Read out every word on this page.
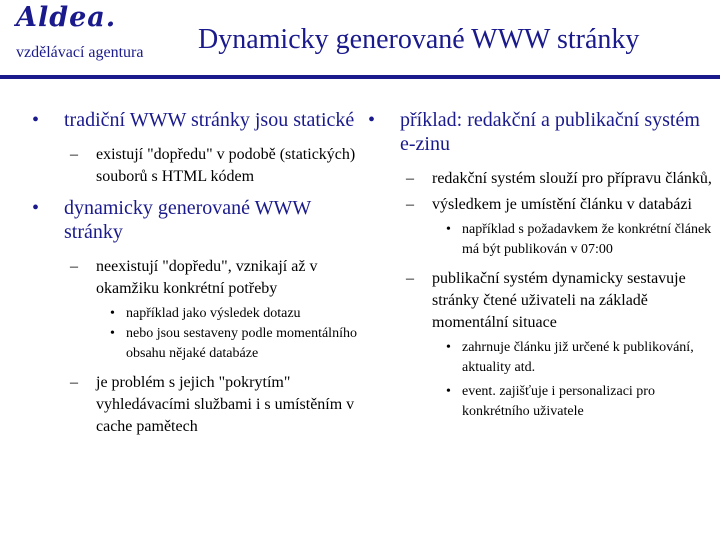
Aldea.
vzdělávací agentura Dynamicky generované WWW stránky
• tradiční WWW stránky jsou statické
– existují "dopředu" v podobě (statických) souborů s HTML kódem
• dynamicky generované WWW stránky
– neexistují "dopředu", vznikají až v okamžiku konkrétní potřeby
• například jako výsledek dotazu
• nebo jsou sestaveny podle momentálního obsahu nějaké databáze
– je problém s jejich "pokrytím" vyhledávacími službami i s umístěním v cache pamětech
• příklad: redakční a publikační systém e-zinu
– redakční systém slouží pro přípravu článků,
– výsledkem je umístění článku v databázi
• například s požadavkem že konkrétní článek má být publikován v 07:00
– publikační systém dynamicky sestavuje stránky čtené uživateli na základě momentální situace
• zahrnuje článku již určené k publikování, aktuality atd.
• event. zajišťuje i personalizaci pro konkrétního uživatele
